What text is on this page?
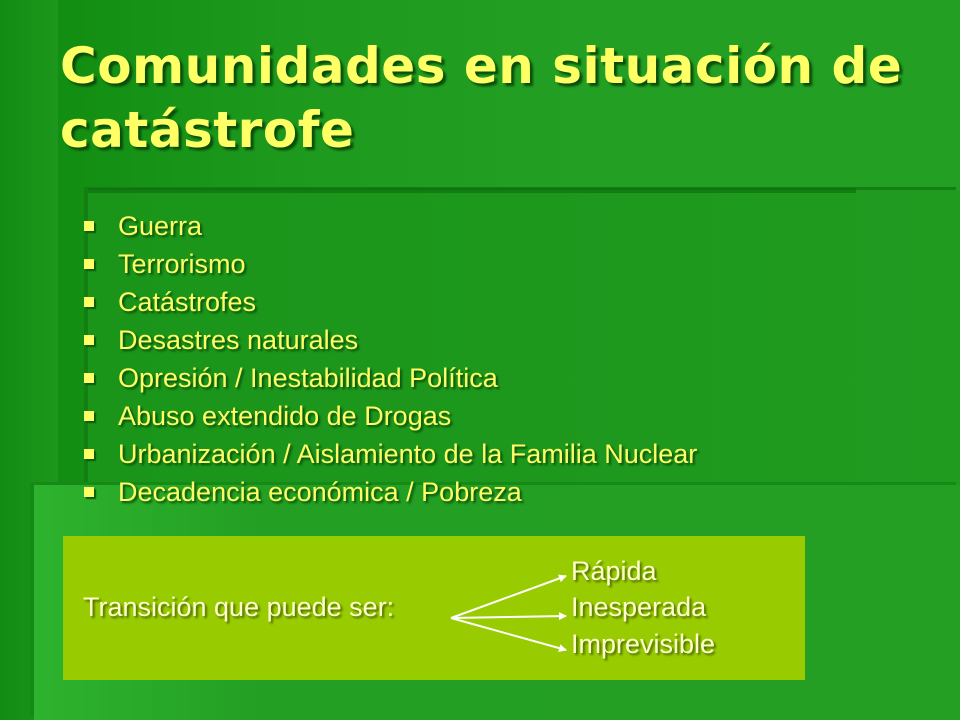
Comunidades en situación de catástrofe
Guerra
Terrorismo
Catástrofes
Desastres naturales
Opresión / Inestabilidad Política
Abuso extendido de Drogas
Urbanización / Aislamiento de la Familia Nuclear
Decadencia económica / Pobreza
Transición que puede ser:
Rápida
Inesperada
Imprevisible
